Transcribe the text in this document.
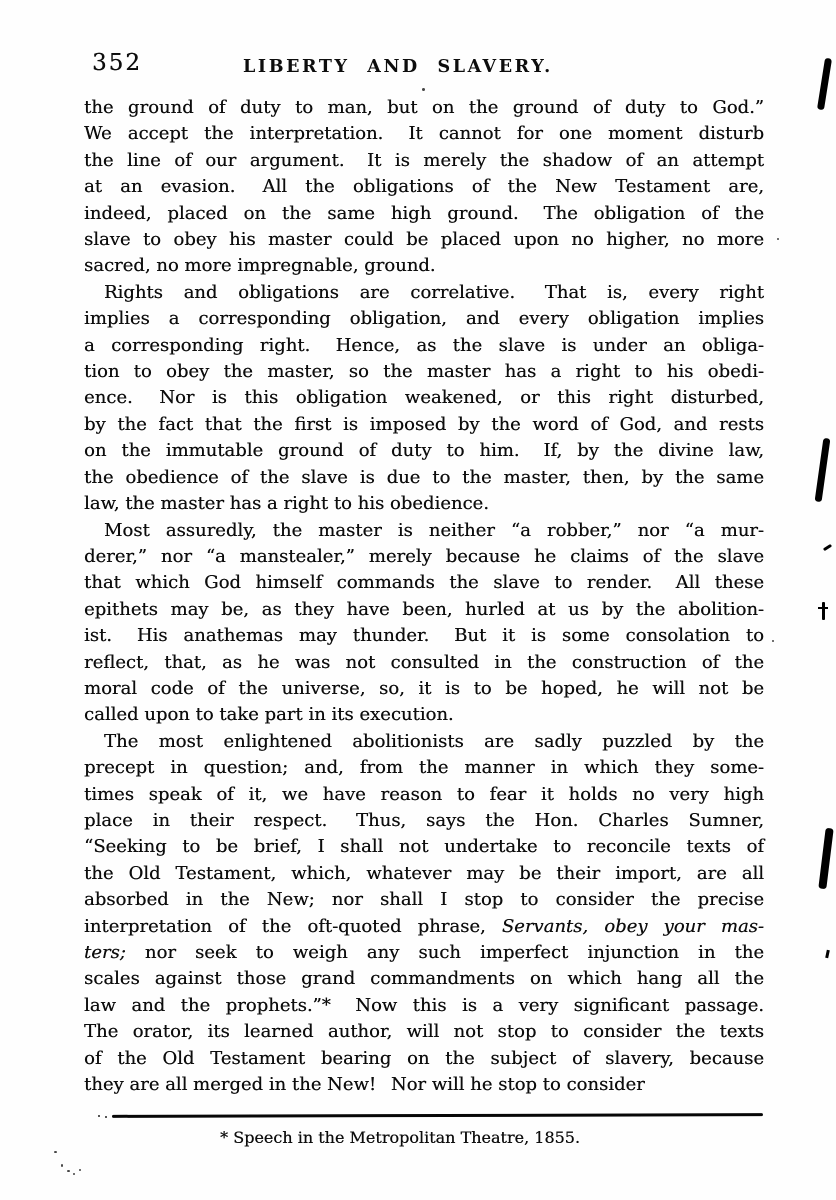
352	LIBERTY AND SLAVERY.
the ground of duty to man, but on the ground of duty to God.”
We accept the interpretation.  It cannot for one moment disturb
the line of our argument.  It is merely the shadow of an attempt
at an evasion.  All the obligations of the New Testament are,
indeed, placed on the same high ground.  The obligation of the
slave to obey his master could be placed upon no higher, no more
sacred, no more impregnable, ground.
Rights and obligations are correlative.  That is, every right
implies a corresponding obligation, and every obligation implies
a corresponding right.  Hence, as the slave is under an obliga-
tion to obey the master, so the master has a right to his obedi-
ence.  Nor is this obligation weakened, or this right disturbed,
by the fact that the first is imposed by the word of God, and rests
on the immutable ground of duty to him.  If, by the divine law,
the obedience of the slave is due to the master, then, by the same
law, the master has a right to his obedience.
Most assuredly, the master is neither “a robber,” nor “a mur-
derer,” nor “a manstealer,” merely because he claims of the slave
that which God himself commands the slave to render.  All these
epithets may be, as they have been, hurled at us by the abolition-
ist.  His anathemas may thunder.  But it is some consolation to
reflect, that, as he was not consulted in the construction of the
moral code of the universe, so, it is to be hoped, he will not be
called upon to take part in its execution.
The most enlightened abolitionists are sadly puzzled by the
precept in question; and, from the manner in which they some-
times speak of it, we have reason to fear it holds no very high
place in their respect.  Thus, says the Hon. Charles Sumner,
“Seeking to be brief, I shall not undertake to reconcile texts of
the Old Testament, which, whatever may be their import, are all
absorbed in the New; nor shall I stop to consider the precise
interpretation of the oft-quoted phrase, Servants, obey your mas-
ters; nor seek to weigh any such imperfect injunction in the
scales against those grand commandments on which hang all the
law and the prophets.”*  Now this is a very significant passage.
The orator, its learned author, will not stop to consider the texts
of the Old Testament bearing on the subject of slavery, because
they are all merged in the New!  Nor will he stop to consider
* Speech in the Metropolitan Theatre, 1855.
